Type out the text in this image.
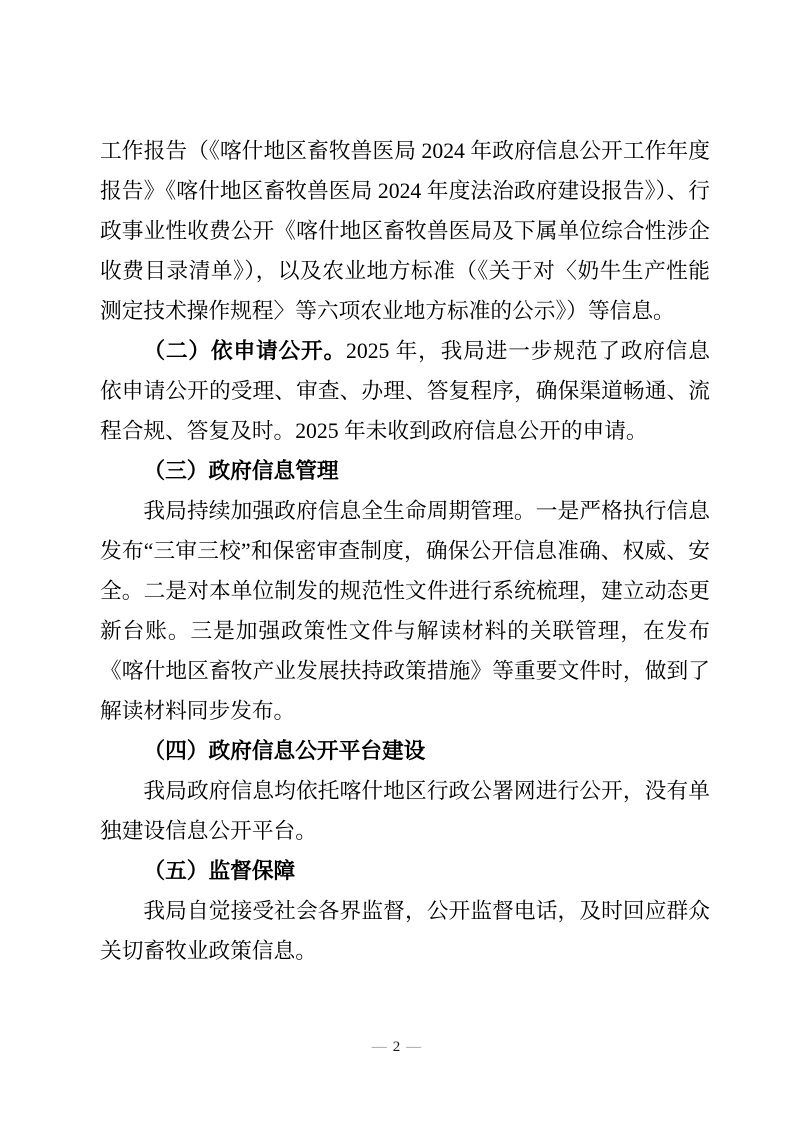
工作报告（《喀什地区畜牧兽医局 2024 年政府信息公开工作年度报告》《喀什地区畜牧兽医局 2024 年度法治政府建设报告》）、行政事业性收费公开《喀什地区畜牧兽医局及下属单位综合性涉企收费目录清单》），以及农业地方标准（《关于对〈奶牛生产性能测定技术操作规程〉等六项农业地方标准的公示》）等信息。

（二）依申请公开。2025 年，我局进一步规范了政府信息依申请公开的受理、审查、办理、答复程序，确保渠道畅通、流程合规、答复及时。2025 年未收到政府信息公开的申请。

（三）政府信息管理

我局持续加强政府信息全生命周期管理。一是严格执行信息发布“三审三校”和保密审查制度，确保公开信息准确、权威、安全。二是对本单位制发的规范性文件进行系统梳理，建立动态更新台账。三是加强政策性文件与解读材料的关联管理，在发布《喀什地区畜牧产业发展扶持政策措施》等重要文件时，做到了解读材料同步发布。

（四）政府信息公开平台建设

我局政府信息均依托喀什地区行政公署网进行公开，没有单独建设信息公开平台。

（五）监督保障

我局自觉接受社会各界监督，公开监督电话，及时回应群众关切畜牧业政策信息。

— 2 —
